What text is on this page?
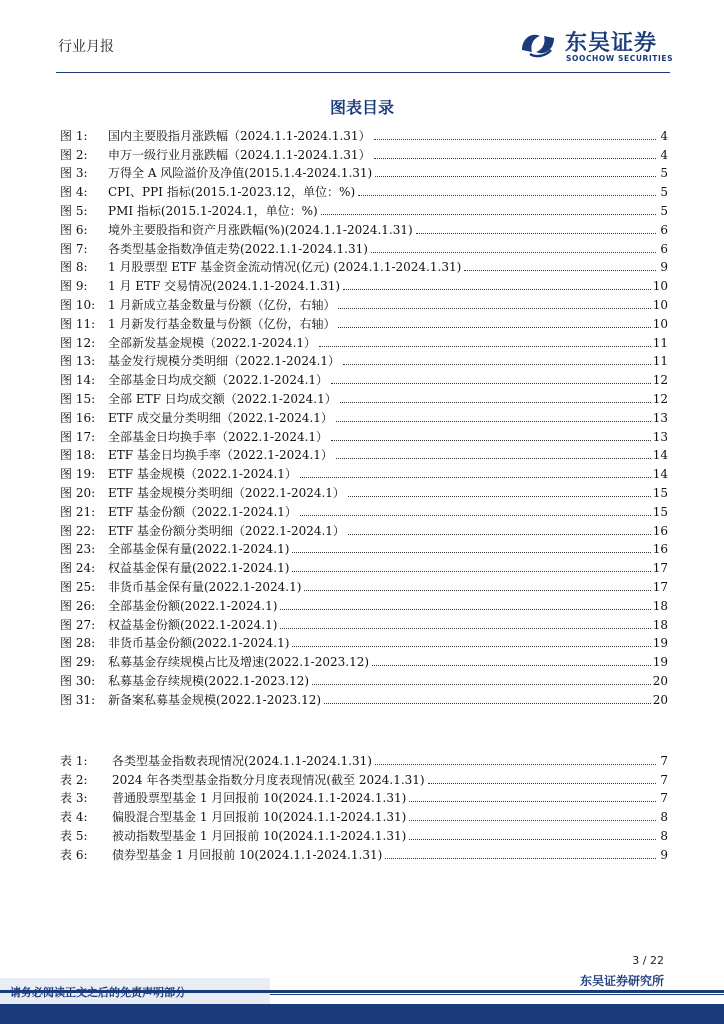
行业月报	东吴证券
SOOCHOW SECURITIES
图表目录
图 1:	国内主要股指月涨跌幅（2024.1.1-2024.1.31）	4
图 2:	申万一级行业月涨跌幅（2024.1.1-2024.1.31）	4
图 3:	万得全 A 风险溢价及净值(2015.1.4-2024.1.31)	5
图 4:	CPI、PPI 指标(2015.1-2023.12，单位：%)	5
图 5:	PMI 指标(2015.1-2024.1，单位：%)	5
图 6:	境外主要股指和资产月涨跌幅(%)(2024.1.1-2024.1.31)	6
图 7:	各类型基金指数净值走势(2022.1.1-2024.1.31)	6
图 8:	1 月股票型 ETF 基金资金流动情况(亿元) (2024.1.1-2024.1.31)	9
图 9:	1 月 ETF 交易情况(2024.1.1-2024.1.31)	10
图 10:	1 月新成立基金数量与份额（亿份，右轴）	10
图 11:	1 月新发行基金数量与份额（亿份，右轴）	10
图 12:	全部新发基金规模（2022.1-2024.1）	11
图 13:	基金发行规模分类明细（2022.1-2024.1）	11
图 14:	全部基金日均成交额（2022.1-2024.1）	12
图 15:	全部 ETF 日均成交额（2022.1-2024.1）	12
图 16:	ETF 成交量分类明细（2022.1-2024.1）	13
图 17:	全部基金日均换手率（2022.1-2024.1）	13
图 18:	ETF 基金日均换手率（2022.1-2024.1）	14
图 19:	ETF 基金规模（2022.1-2024.1）	14
图 20:	ETF 基金规模分类明细（2022.1-2024.1）	15
图 21:	ETF 基金份额（2022.1-2024.1）	15
图 22:	ETF 基金份额分类明细（2022.1-2024.1）	16
图 23:	全部基金保有量(2022.1-2024.1)	16
图 24:	权益基金保有量(2022.1-2024.1)	17
图 25:	非货币基金保有量(2022.1-2024.1)	17
图 26:	全部基金份额(2022.1-2024.1)	18
图 27:	权益基金份额(2022.1-2024.1)	18
图 28:	非货币基金份额(2022.1-2024.1)	19
图 29:	私募基金存续规模占比及增速(2022.1-2023.12)	19
图 30:	私募基金存续规模(2022.1-2023.12)	20
图 31:	新备案私募基金规模(2022.1-2023.12)	20
表 1:	各类型基金指数表现情况(2024.1.1-2024.1.31)	7
表 2:	2024 年各类型基金指数分月度表现情况(截至 2024.1.31)	7
表 3:	普通股票型基金 1 月回报前 10(2024.1.1-2024.1.31)	7
表 4:	偏股混合型基金 1 月回报前 10(2024.1.1-2024.1.31)	8
表 5:	被动指数型基金 1 月回报前 10(2024.1.1-2024.1.31)	8
表 6:	债券型基金 1 月回报前 10(2024.1.1-2024.1.31)	9
3 / 22
东吴证券研究所
